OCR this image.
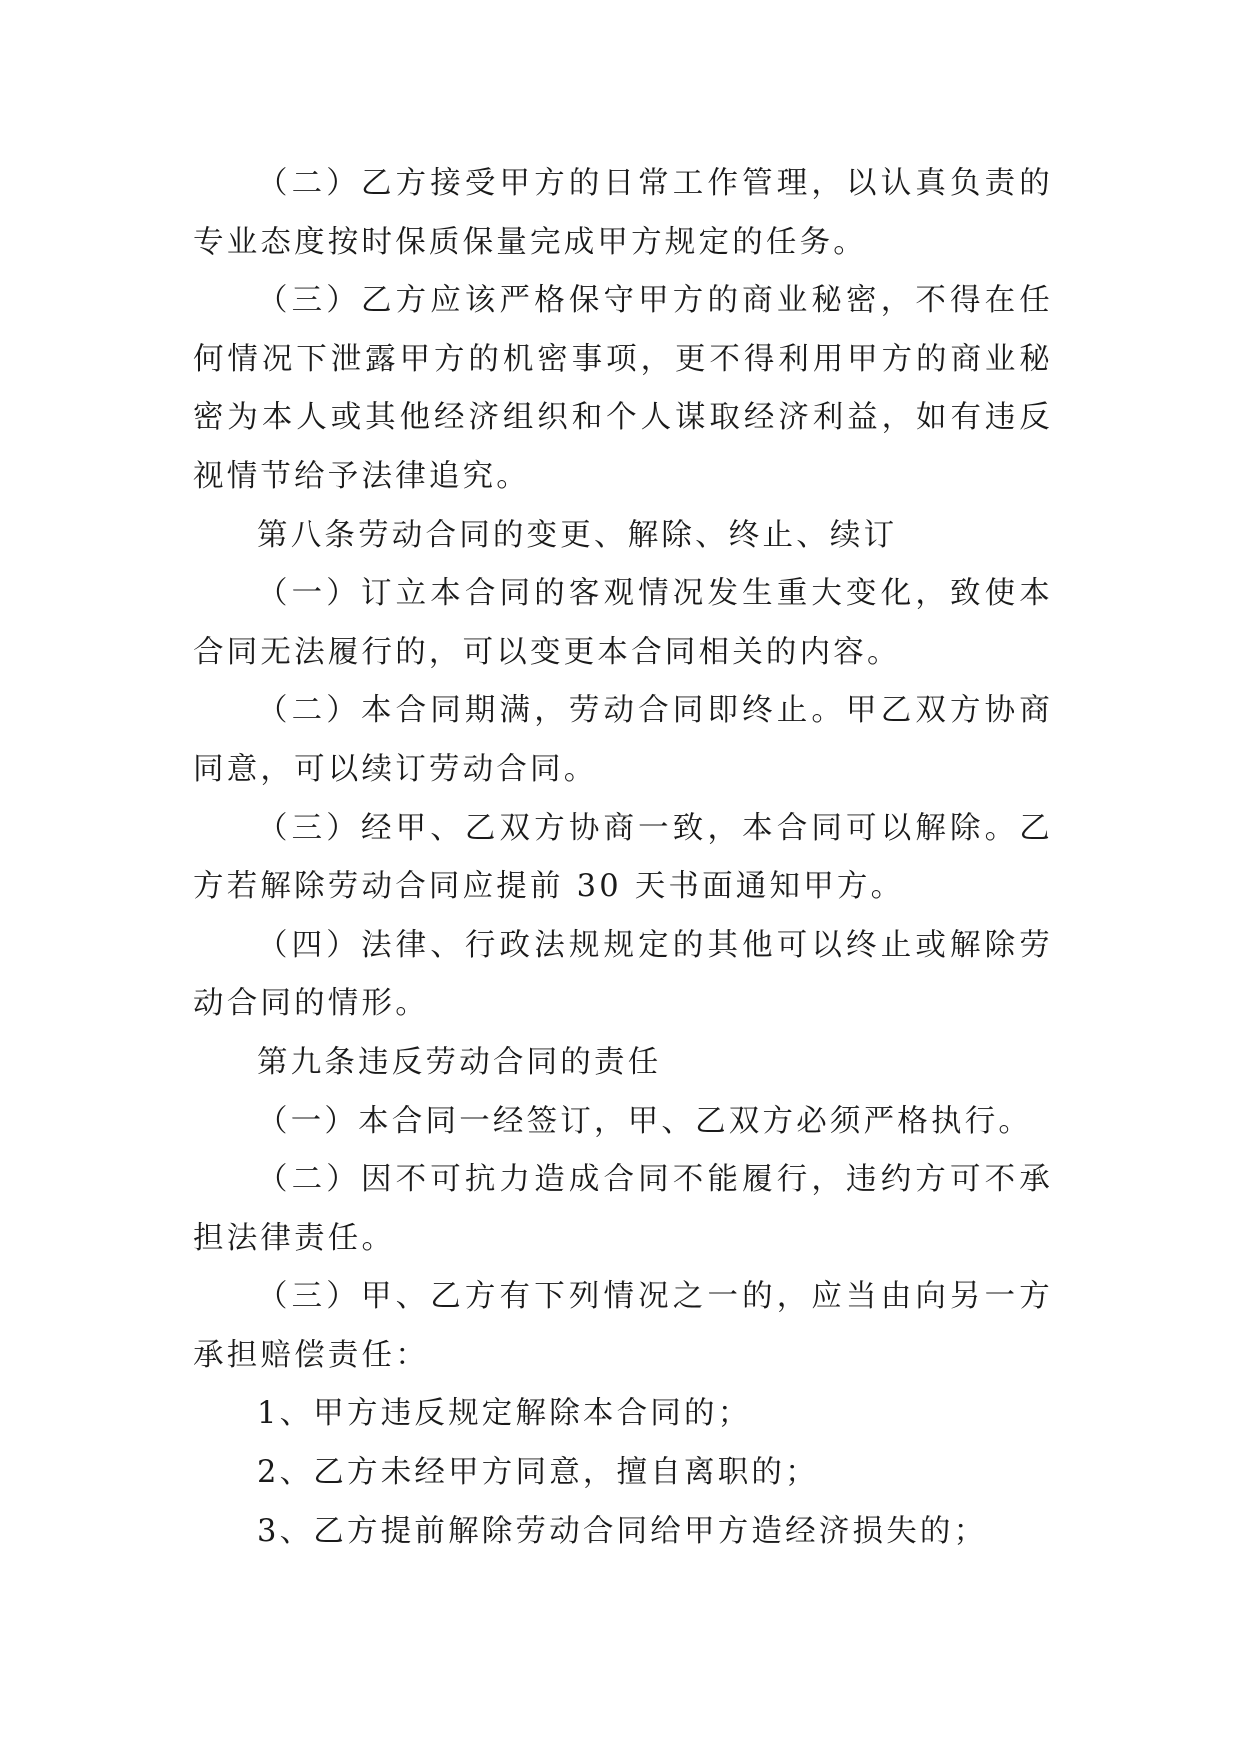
（二）乙方接受甲方的日常工作管理，以认真负责的专业态度按时保质保量完成甲方规定的任务。

（三）乙方应该严格保守甲方的商业秘密，不得在任何情况下泄露甲方的机密事项，更不得利用甲方的商业秘密为本人或其他经济组织和个人谋取经济利益，如有违反视情节给予法律追究。

第八条劳动合同的变更、解除、终止、续订

（一）订立本合同的客观情况发生重大变化，致使本合同无法履行的，可以变更本合同相关的内容。

（二）本合同期满，劳动合同即终止。甲乙双方协商同意，可以续订劳动合同。

（三）经甲、乙双方协商一致，本合同可以解除。乙方若解除劳动合同应提前 30 天书面通知甲方。

（四）法律、行政法规规定的其他可以终止或解除劳动合同的情形。

第九条违反劳动合同的责任

（一）本合同一经签订，甲、乙双方必须严格执行。

（二）因不可抗力造成合同不能履行，违约方可不承担法律责任。

（三）甲、乙方有下列情况之一的，应当由向另一方承担赔偿责任：

1、甲方违反规定解除本合同的；

2、乙方未经甲方同意，擅自离职的；

3、乙方提前解除劳动合同给甲方造经济损失的；
